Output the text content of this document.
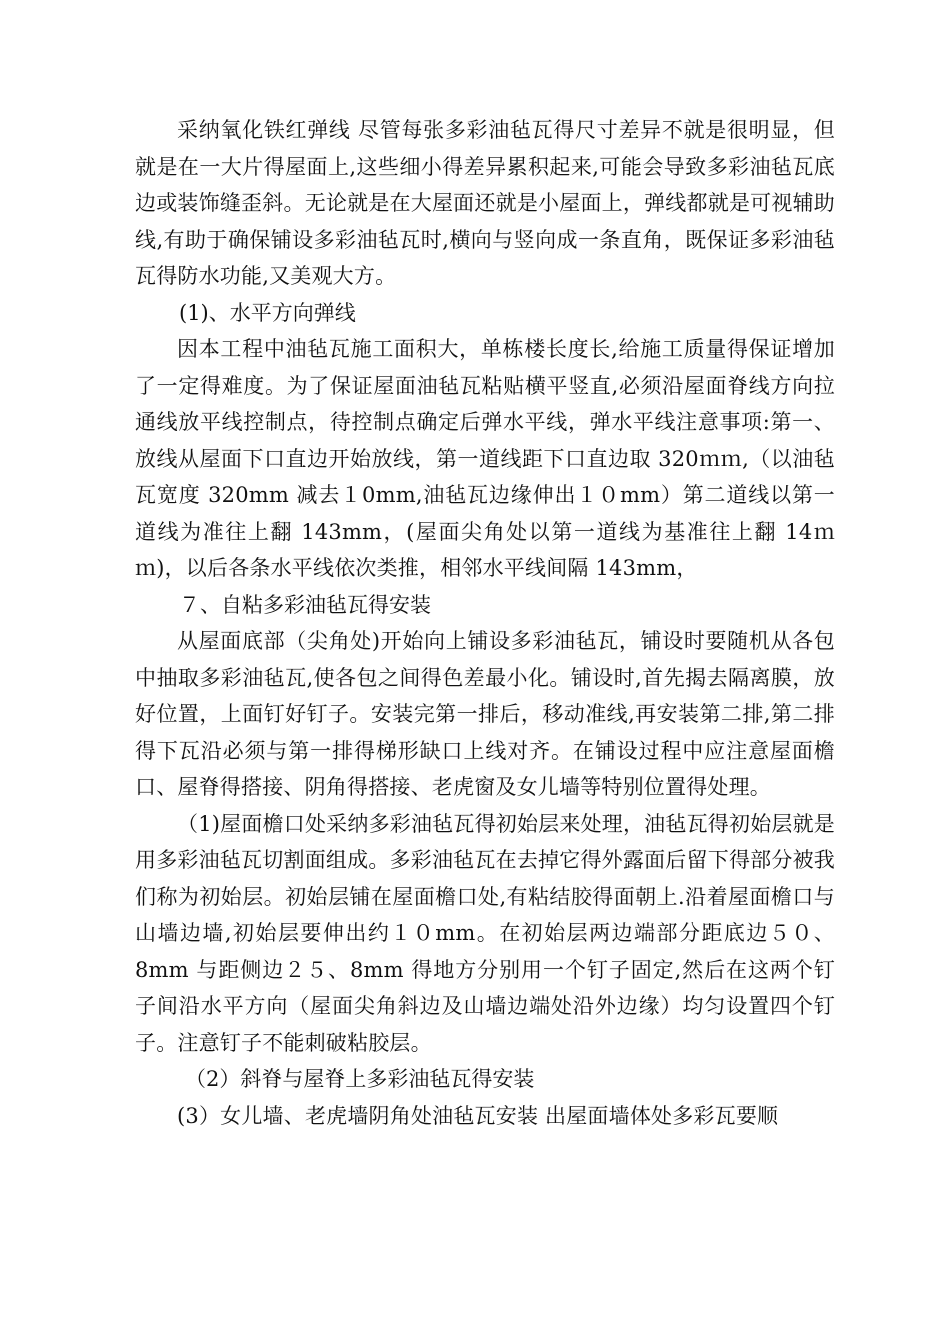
采纳氧化铁红弹线 尽管每张多彩油毡瓦得尺寸差异不就是很明显，但就是在一大片得屋面上,这些细小得差异累积起来,可能会导致多彩油毡瓦底边或装饰缝歪斜。无论就是在大屋面还就是小屋面上，弹线都就是可视辅助线,有助于确保铺设多彩油毡瓦时,横向与竖向成一条直角，既保证多彩油毡瓦得防水功能,又美观大方。

(1)、水平方向弹线

因本工程中油毡瓦施工面积大，单栋楼长度长,给施工质量得保证增加了一定得难度。为了保证屋面油毡瓦粘贴横平竖直,必须沿屋面脊线方向拉通线放平线控制点，待控制点确定后弹水平线，弹水平线注意事项:第一、放线从屋面下口直边开始放线，第一道线距下口直边取 320ｍｍ,（以油毡瓦宽度 320mm 减去１0mm,油毡瓦边缘伸出１０mm）第二道线以第一道线为准往上翻 143mm，(屋面尖角处以第一道线为基准往上翻 14ｍｍ)，以后各条水平线依次类推，相邻水平线间隔 143mm，

７、自粘多彩油毡瓦得安装

从屋面底部（尖角处)开始向上铺设多彩油毡瓦，铺设时要随机从各包中抽取多彩油毡瓦,使各包之间得色差最小化。铺设时,首先揭去隔离膜，放好位置，上面钉好钉子。安装完第一排后，移动准线,再安装第二排,第二排得下瓦沿必须与第一排得梯形缺口上线对齐。在铺设过程中应注意屋面檐口、屋脊得搭接、阴角得搭接、老虎窗及女儿墙等特别位置得处理。

（1)屋面檐口处采纳多彩油毡瓦得初始层来处理，油毡瓦得初始层就是用多彩油毡瓦切割面组成。多彩油毡瓦在去掉它得外露面后留下得部分被我们称为初始层。初始层铺在屋面檐口处,有粘结胶得面朝上.沿着屋面檐口与山墙边墙,初始层要伸出约１０mm。在初始层两边端部分距底边５０、8mm 与距侧边２５、8mm 得地方分别用一个钉子固定,然后在这两个钉子间沿水平方向（屋面尖角斜边及山墙边端处沿外边缘）均匀设置四个钉子。注意钉子不能刺破粘胶层。

（2）斜脊与屋脊上多彩油毡瓦得安装

(3）女儿墙、老虎墙阴角处油毡瓦安装 出屋面墙体处多彩瓦要顺
